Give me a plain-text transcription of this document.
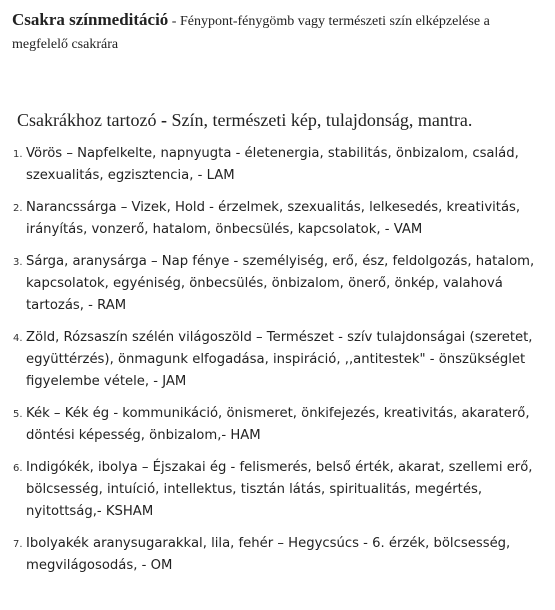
Csakra színmeditáció - Fénypont-fénygömb vagy természeti szín elképzelése a megfelelő csakrára

Csakrákhoz tartozó - Szín, természeti kép, tulajdonság, mantra.

1. Vörös – Napfelkelte, napnyugta - életenergia, stabilitás, önbizalom, család, szexualitás, egzisztencia, - LAM
2. Narancssárga – Vizek, Hold - érzelmek, szexualitás, lelkesedés, kreativitás, irányítás, vonzerő, hatalom, önbecsülés, kapcsolatok, - VAM
3. Sárga, aranysárga – Nap fénye - személyiség, erő, ész, feldolgozás, hatalom, kapcsolatok, egyéniség, önbecsülés, önbizalom, önerő, önkép, valahová tartozás, - RAM
4. Zöld, Rózsaszín szélén világoszöld – Természet - szív tulajdonságai (szeretet, együttérzés), önmagunk elfogadása, inspiráció, ,,antitestek" - önszükséglet figyelembe vétele, - JAM
5. Kék – Kék ég - kommunikáció, önismeret, önkifejezés, kreativitás, akaraterő, döntési képesség, önbizalom,- HAM
6. Indigókék, ibolya – Éjszakai ég - felismerés, belső érték, akarat, szellemi erő, bölcsesség, intuíció, intellektus, tisztán látás, spiritualitás, megértés, nyitottság,- KSHAM
7. Ibolyakék aranysugarakkal, lila, fehér – Hegycsúcs - 6. érzék, bölcsesség, megvilágosodás, - OM
